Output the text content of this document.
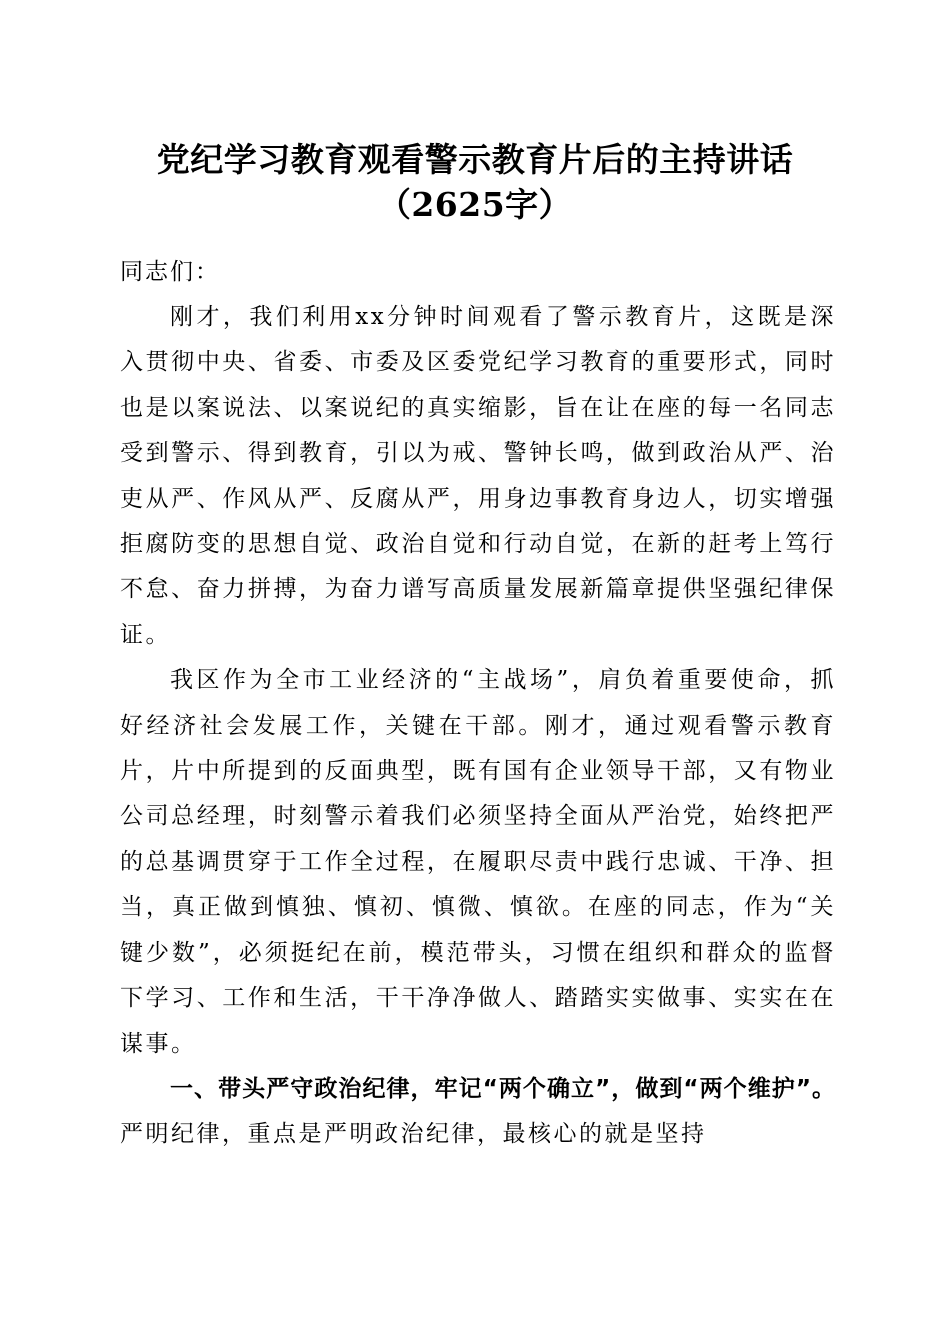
党纪学习教育观看警示教育片后的主持讲话
（2625字）
同志们：

刚才，我们利用xx分钟时间观看了警示教育片，这既是深入贯彻中央、省委、市委及区委党纪学习教育的重要形式，同时也是以案说法、以案说纪的真实缩影，旨在让在座的每一名同志受到警示、得到教育，引以为戒、警钟长鸣，做到政治从严、治吏从严、作风从严、反腐从严，用身边事教育身边人，切实增强拒腐防变的思想自觉、政治自觉和行动自觉，在新的赶考上笃行不怠、奋力拼搏，为奋力谱写高质量发展新篇章提供坚强纪律保证。

我区作为全市工业经济的“主战场”，肩负着重要使命，抓好经济社会发展工作，关键在干部。刚才，通过观看警示教育片，片中所提到的反面典型，既有国有企业领导干部，又有物业公司总经理，时刻警示着我们必须坚持全面从严治党，始终把严的总基调贯穿于工作全过程，在履职尽责中践行忠诚、干净、担当，真正做到慎独、慎初、慎微、慎欲。在座的同志，作为“关键少数”，必须挺纪在前，模范带头，习惯在组织和群众的监督下学习、工作和生活，干干净净做人、踏踏实实做事、实实在在谋事。

一、带头严守政治纪律，牢记“两个确立”，做到“两个维护”。严明纪律，重点是严明政治纪律，最核心的就是坚持
